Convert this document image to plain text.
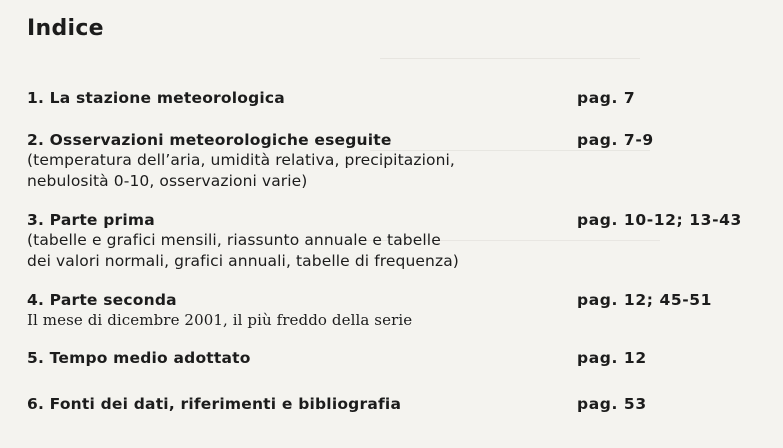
Indice
1. La stazione meteorologica	pag. 7
2. Osservazioni meteorologiche eseguite	pag. 7-9
(temperatura dell’aria, umidità relativa, precipitazioni,
nebulosità 0-10, osservazioni varie)
3. Parte prima	pag. 10-12; 13-43
(tabelle e grafici mensili, riassunto annuale e tabelle
dei valori normali, grafici annuali, tabelle di frequenza)
4. Parte seconda	pag. 12; 45-51
Il mese di dicembre 2001, il più freddo della serie
5. Tempo medio adottato	pag. 12
6. Fonti dei dati, riferimenti e bibliografia	pag. 53
